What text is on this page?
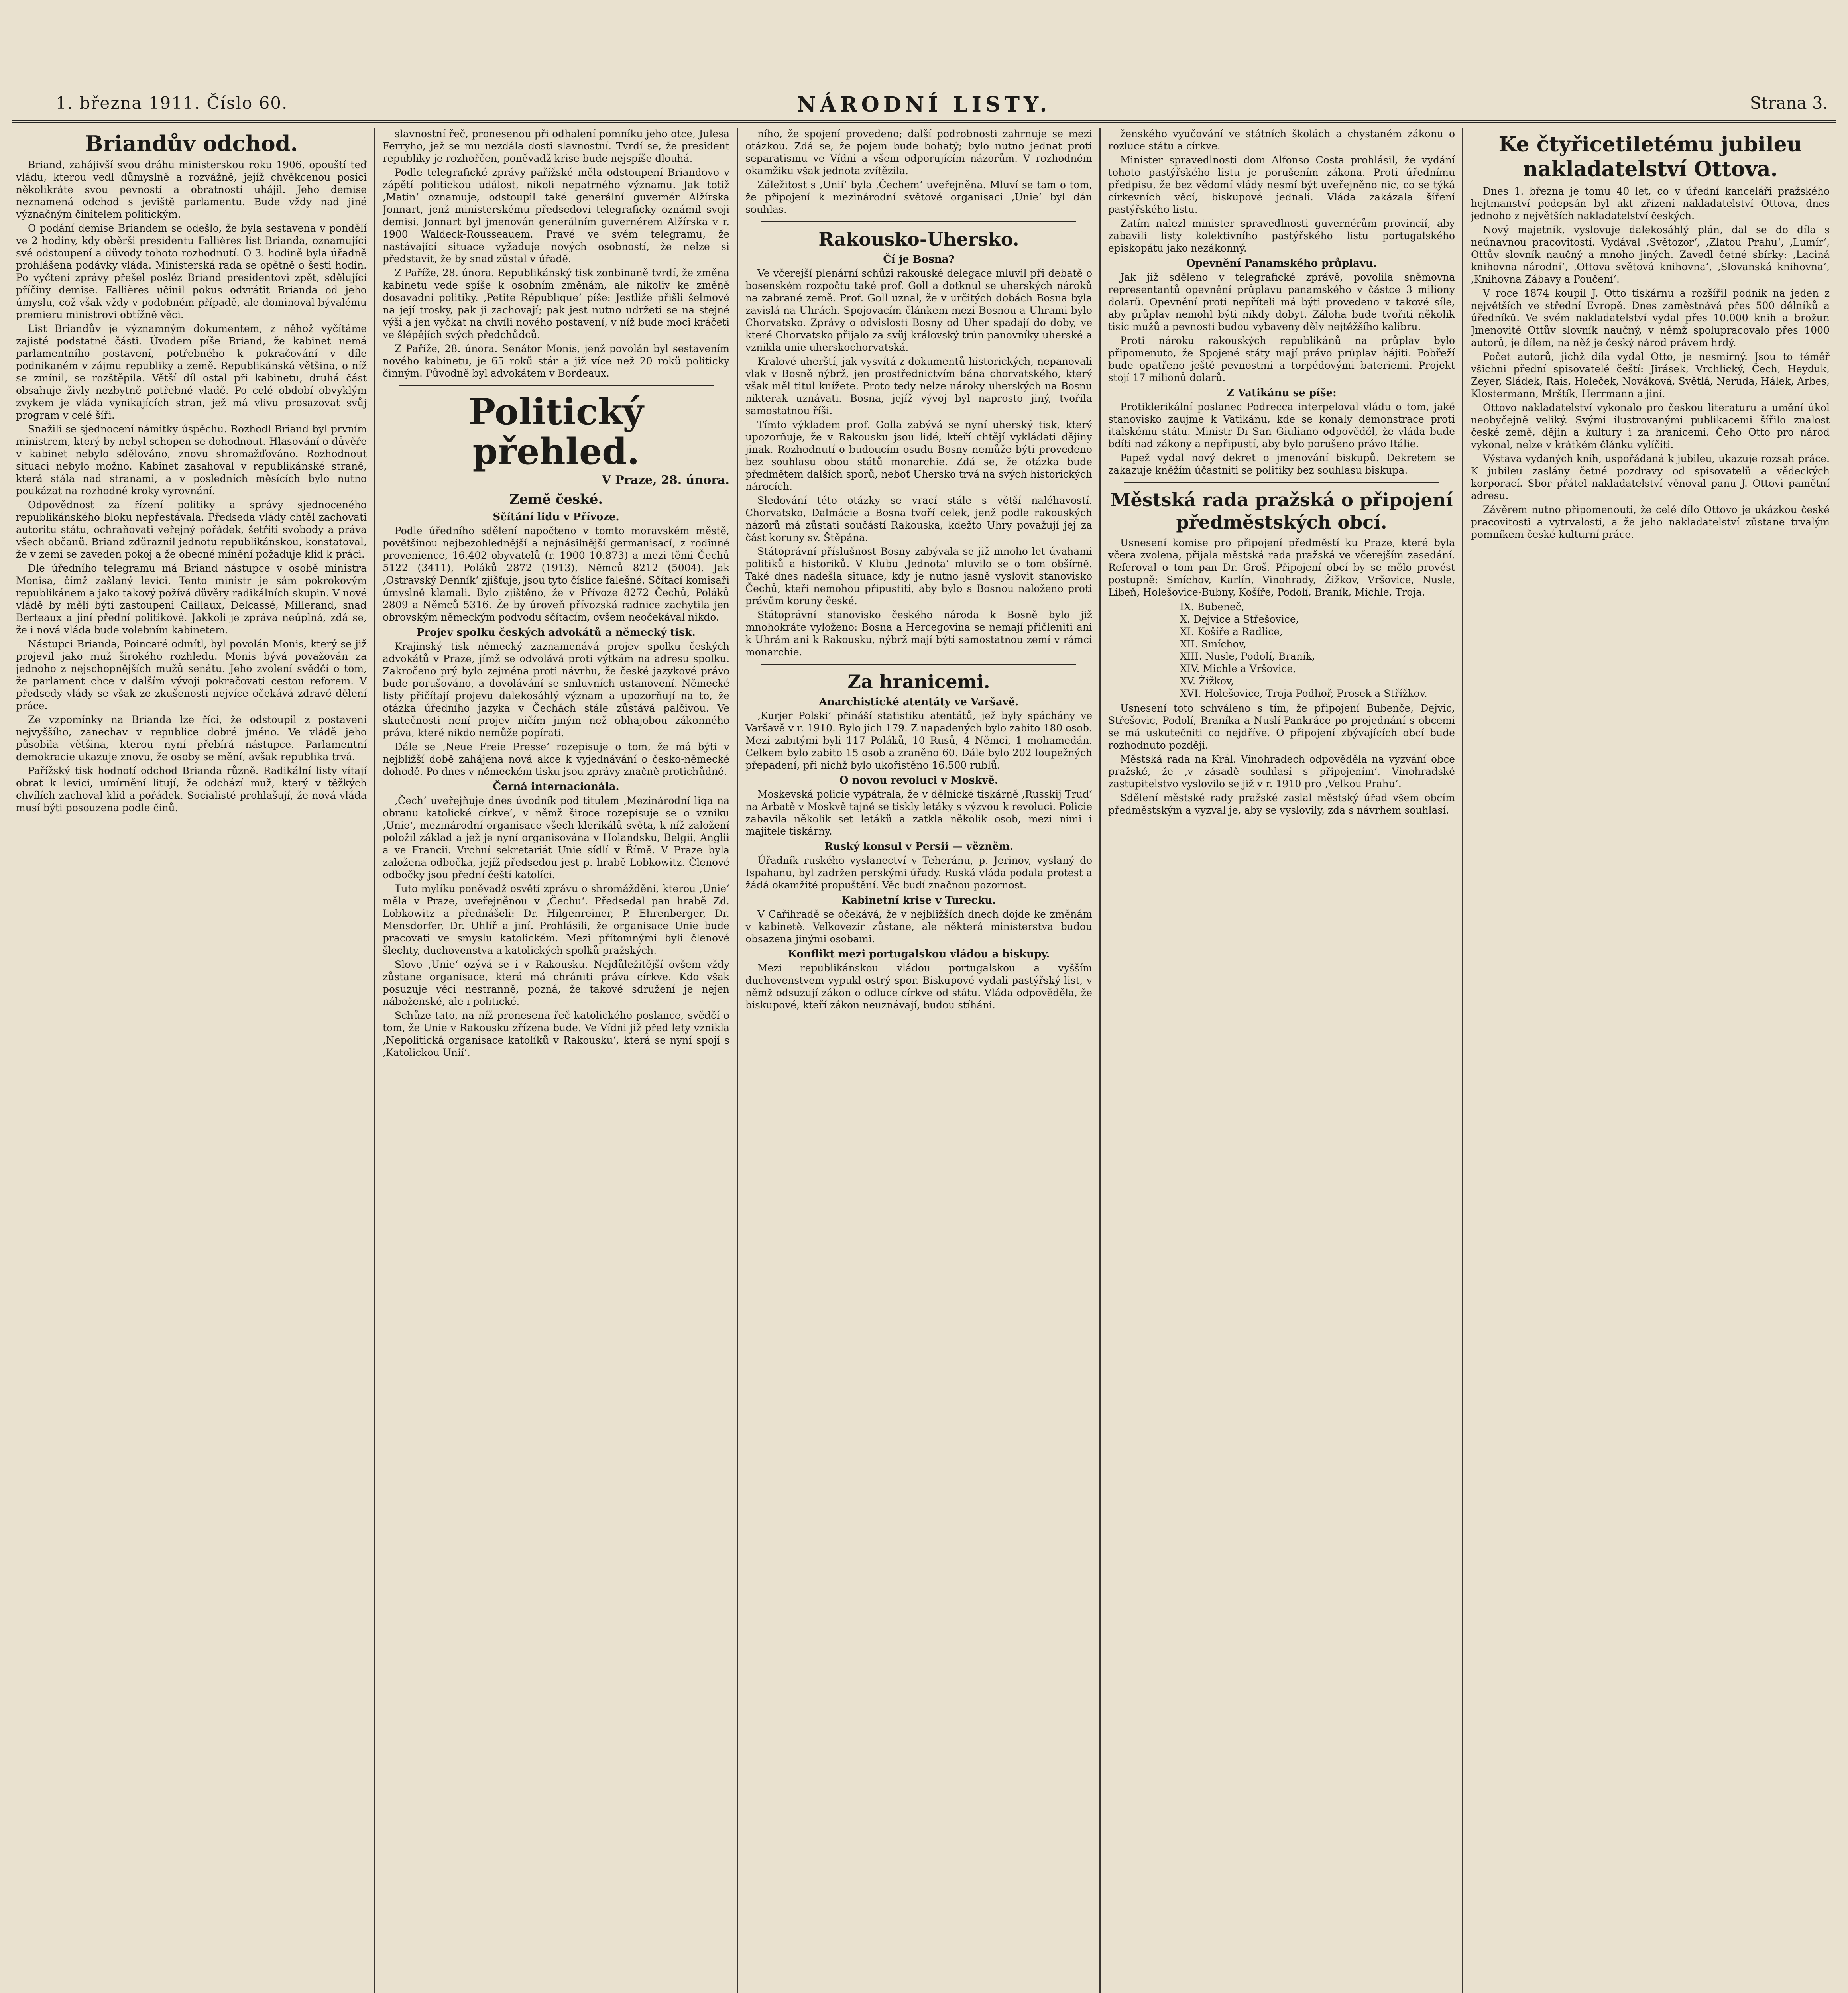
1. března 1911. Číslo 60.	NÁRODNÍ LISTY.	Strana 3.
Briandův odchod.

Briand, zahájivší svou dráhu ministerskou roku 1906, opouští teď vládu, kterou vedl důmyslně a rozvážně, jejíž chvěkcenou posici několikráte svou pevností a obratností uhájil. Jeho demise neznamená odchod s jeviště parlamentu. Bude vždy nad jiné význačným činitelem politickým.

O podání demise Briandem se odešlo, že byla sestavena v pondělí ve 2 hodiny, kdy oběrši presidentu Fallières list Brianda, oznamující své odstoupení a důvody tohoto rozhodnutí. O 3. hodině byla úřadně prohlášena podávky vláda. Ministerská rada se opětně o šesti hodin. Po vyčtení zprávy přešel posléz Briand presidentovi zpět, sdělující příčiny demise. Fallières učinil pokus odvrátit Brianda od jeho úmyslu, což však vždy v podobném případě, ale dominoval bývalému premieru ministrovi obtížně věci.

List Briandův je významným dokumentem, z něhož vyčítáme zajisté podstatné části. Úvodem píše Briand, že kabinet nemá parlamentního postavení, potřebného k pokračování v díle podnikaném v zájmu republiky a země. Republikánská většina, o níž se zmínil, se rozštěpila. Větší díl ostal při kabinetu, druhá část obsahuje živly nezbytně potřebné vladě. Po celé období obvyklým zvykem je vláda vynikajících stran, jež má vlivu prosazovat svůj program v celé šíři.

Snažili se sjednocení námitky úspěchu. Rozhodl Briand byl prvním ministrem, který by nebyl schopen se dohodnout. Hlasování o důvěře v kabinet nebylo sdělováno, znovu shromažďováno. Rozhodnout situaci nebylo možno. Kabinet zasahoval v republikánské straně, která stála nad stranami, a v posledních měsících bylo nutno poukázat na rozhodné kroky vyrovnání.

Odpovědnost za řízení politiky a správy sjednoceného republikánského bloku nepřestávala. Předseda vlády chtěl zachovati autoritu státu, ochraňovati veřejný pořádek, šetřiti svobody a práva všech občanů. Briand zdůraznil jednotu republikánskou, konstatoval, že v zemi se zaveden pokoj a že obecné mínění požaduje klid k práci.

Dle úředního telegramu má Briand nástupce v osobě ministra Monisa, čímž zašlaný levici. Tento ministr je sám pokrokovým republikánem a jako takový požívá důvěry radikálních skupin. V nové vládě by měli býti zastoupeni Caillaux, Delcassé, Millerand, snad Berteaux a jiní přední politikové. Jakkoli je zpráva neúplná, zdá se, že i nová vláda bude volebním kabinetem.

Nástupci Brianda, Poincaré odmítl, byl povolán Monis, který se již projevil jako muž širokého rozhledu. Monis bývá považován za jednoho z nejschopnějších mužů senátu. Jeho zvolení svědčí o tom, že parlament chce v dalším vývoji pokračovati cestou reforem. V předsedy vlády se však ze zkušenosti nejvíce očekává zdravé dělení práce.

Ze vzpomínky na Brianda lze říci, že odstoupil z postavení nejvyššího, zanechav v republice dobré jméno. Ve vládě jeho působila většina, kterou nyní přebírá nástupce. Parlamentní demokracie ukazuje znovu, že osoby se mění, avšak republika trvá.

Pařížský tisk hodnotí odchod Brianda různě. Radikální listy vítají obrat k levici, umírnění litují, že odchází muž, který v těžkých chvílích zachoval klid a pořádek. Socialisté prohlašují, že nová vláda musí býti posouzena podle činů.

slavnostní řeč, pronesenou při odhalení pomníku jeho otce, Julesa Ferryho, jež se mu nezdála dosti slavnostní. Tvrdí se, že president republiky je rozhořčen, poněvadž krise bude nejspíše dlouhá.

Podle telegrafické zprávy pařížské měla odstoupení Briandovo v zápětí politickou událost, nikoli nepatrného významu. Jak totiž ‚Matin‘ oznamuje, odstoupil také generální guvernér Alžírska Jonnart, jenž ministerskému předsedovi telegraficky oznámil svoji demisi. Jonnart byl jmenován generálním guvernérem Alžírska v r. 1900 Waldeck-Rousseauem. Pravé ve svém telegramu, že nastávající situace vyžaduje nových osobností, že nelze si představit, že by snad zůstal v úřadě.

Z Paříže, 28. února. Republikánský tisk zonbinaně tvrdí, že změna kabinetu vede spíše k osobním změnám, ale nikoliv ke změně dosavadní politiky. ‚Petite République‘ píše: Jestliže přišli šelmové na její trosky, pak ji zachovají; pak jest nutno udržeti se na stejné výši a jen vyčkat na chvíli nového postavení, v níž bude moci kráčeti ve šlépějích svých předchůdců.

Z Paříže, 28. února. Senátor Monis, jenž povolán byl sestavením nového kabinetu, je 65 roků stár a již více než 20 roků politicky činným. Původně byl advokátem v Bordeaux.

Politický přehled.
V Praze, 28. února.
Země české.
Sčítání lidu v Přívoze.

Podle úředního sdělení napočteno v tomto moravském městě, povětšinou nejbezohlednější a nejnásilnější germanisací, z rodinné provenience, 16.402 obyvatelů (r. 1900 10.873) a mezi těmi Čechů 5122 (3411), Poláků 2872 (1913), Němců 8212 (5004). Jak ‚Ostravský Denník‘ zjišťuje, jsou tyto číslice falešné. Sčítací komisaři úmyslně klamali. Bylo zjištěno, že v Přívoze 8272 Čechů, Poláků 2809 a Němců 5316. Že by úroveň přívozská radnice zachytila jen obrovským německým podvodu sčítacím, ovšem neočekával nikdo.

Projev spolku českých advokátů a německý tisk.

Krajinský tisk německý zaznamenává projev spolku českých advokátů v Praze, jímž se odvolává proti výtkám na adresu spolku. Zakročeno prý bylo zejména proti návrhu, že české jazykové právo bude porušováno, a dovolávání se smluvních ustanovení. Německé listy přičítají projevu dalekosáhlý význam a upozorňují na to, že otázka úředního jazyka v Čechách stále zůstává palčivou. Ve skutečnosti není projev ničím jiným než obhajobou zákonného práva, které nikdo nemůže popírati.

Dále se ‚Neue Freie Presse‘ rozepisuje o tom, že má býti v nejbližší době zahájena nová akce k vyjednávání o česko-německé dohodě. Po dnes v německém tisku jsou zprávy značně protichůdné.

Černá internacionála.

‚Čech‘ uveřejňuje dnes úvodník pod titulem ‚Mezinárodní liga na obranu katolické církve‘, v němž široce rozepisuje se o vzniku ‚Unie‘, mezinárodní organisace všech klerikálů světa, k níž založení položil základ a jež je nyní organisována v Holandsku, Belgii, Anglii a ve Francii. Vrchní sekretariát Unie sídlí v Římě. V Praze byla založena odbočka, jejíž předsedou jest p. hrabě Lobkowitz. Členové odbočky jsou přední čeští katolíci.

Tuto mylíku poněvadž osvětí zprávu o shromáždění, kterou ‚Unie‘ měla v Praze, uveřejněnou v ‚Čechu‘. Předsedal pan hrabě Zd. Lobkowitz a přednášeli: Dr. Hilgenreiner, P. Ehrenberger, Dr. Mensdorfer, Dr. Uhlíř a jiní. Prohlásili, že organisace Unie bude pracovati ve smyslu katolickém. Mezi přítomnými byli členové šlechty, duchovenstva a katolických spolků pražských.

Slovo ‚Unie‘ ozývá se i v Rakousku. Nejdůležitější ovšem vždy zůstane organisace, která má chrániti práva církve. Kdo však posuzuje věci nestranně, pozná, že takové sdružení je nejen náboženské, ale i politické.

Schůze tato, na níž pronesena řeč katolického poslance, svědčí o tom, že Unie v Rakousku zřízena bude. Ve Vídni již před lety vznikla ‚Nepolitická organisace katolíků v Rakousku‘, která se nyní spojí s ‚Katolickou Unií‘.

ního, že spojení provedeno; další podrobnosti zahrnuje se mezi otázkou. Zdá se, že pojem bude bohatý; bylo nutno jednat proti separatismu ve Vídni a všem odporujícím názorům. V rozhodném okamžiku však jednota zvítězila.

Záležitost s ‚Unií‘ byla ‚Čechem‘ uveřejněna. Mluví se tam o tom, že připojení k mezinárodní světové organisaci ‚Unie‘ byl dán souhlas.

Rakousko-Uhersko.
Čí je Bosna?

Ve včerejší plenární schůzi rakouské delegace mluvil při debatě o bosenském rozpočtu také prof. Goll a dotknul se uherských nároků na zabrané země. Prof. Goll uznal, že v určitých dobách Bosna byla zavislá na Uhrách. Spojovacím článkem mezi Bosnou a Uhrami bylo Chorvatsko. Zprávy o odvislosti Bosny od Uher spadají do doby, ve které Chorvatsko přijalo za svůj královský trůn panovníky uherské a vznikla unie uherskochorvatská.

Kralové uherští, jak vysvítá z dokumentů historických, nepanovali vlak v Bosně nýbrž, jen prostřednictvím bána chorvatského, který však měl titul knížete. Proto tedy nelze nároky uherských na Bosnu nikterak uznávati. Bosna, jejíž vývoj byl naprosto jiný, tvořila samostatnou říši.

Tímto výkladem prof. Golla zabývá se nyní uherský tisk, který upozorňuje, že v Rakousku jsou lidé, kteří chtějí vykládati dějiny jinak. Rozhodnutí o budoucím osudu Bosny nemůže býti provedeno bez souhlasu obou států monarchie. Zdá se, že otázka bude předmětem dalších sporů, neboť Uhersko trvá na svých historických nárocích.

Sledování této otázky se vrací stále s větší naléhavostí. Chorvatsko, Dalmácie a Bosna tvoří celek, jenž podle rakouských názorů má zůstati součástí Rakouska, kdežto Uhry považují jej za část koruny sv. Štěpána.

Státoprávní příslušnost Bosny zabývala se již mnoho let úvahami politiků a historiků. V Klubu ‚Jednota‘ mluvilo se o tom obšírně. Také dnes nadešla situace, kdy je nutno jasně vyslovit stanovisko Čechů, kteří nemohou připustiti, aby bylo s Bosnou naloženo proti právům koruny české.

Státoprávní stanovisko českého národa k Bosně bylo již mnohokráte vyloženo: Bosna a Hercegovina se nemají přičleniti ani k Uhrám ani k Rakousku, nýbrž mají býti samostatnou zemí v rámci monarchie.

Za hranicemi.
Anarchistické atentáty ve Varšavě.

‚Kurjer Polski‘ přináší statistiku atentátů, jež byly spáchány ve Varšavě v r. 1910. Bylo jich 179. Z napadených bylo zabito 180 osob. Mezi zabitými byli 117 Poláků, 10 Rusů, 4 Němci, 1 mohamedán. Celkem bylo zabito 15 osob a zraněno 60. Dále bylo 202 loupežných přepadení, při nichž bylo ukořistěno 16.500 rublů.

O novou revoluci v Moskvě.

Moskevská policie vypátrala, že v dělnické tiskárně ‚Russkij Trud‘ na Arbatě v Moskvě tajně se tiskly letáky s výzvou k revoluci. Policie zabavila několik set letáků a zatkla několik osob, mezi nimi i majitele tiskárny.

Ruský konsul v Persii — vězněm.

Úřadník ruského vyslanectví v Teheránu, p. Jerinov, vyslaný do Ispahanu, byl zadržen perskými úřady. Ruská vláda podala protest a žádá okamžité propuštění. Věc budí značnou pozornost.

Kabinetní krise v Turecku.

V Cařihradě se očekává, že v nejbližších dnech dojde ke změnám v kabinetě. Velkovezír zůstane, ale některá ministerstva budou obsazena jinými osobami.

Konflikt mezi portugalskou vládou a biskupy.

Mezi republikánskou vládou portugalskou a vyšším duchovenstvem vypukl ostrý spor. Biskupové vydali pastýřský list, v němž odsuzují zákon o odluce církve od státu. Vláda odpověděla, že biskupové, kteří zákon neuznávají, budou stíháni.

ženského vyučování ve státních školách a chystaném zákonu o rozluce státu a církve.

Minister spravedlnosti dom Alfonso Costa prohlásil, že vydání tohoto pastýřského listu je porušením zákona. Proti úřednímu předpisu, že bez vědomí vlády nesmí být uveřejněno nic, co se týká církevních věcí, biskupové jednali. Vláda zakázala šíření pastýřského listu.

Zatím nalezl minister spravedlnosti guvernérům provincií, aby zabavili listy kolektivního pastýřského listu portugalského episkopátu jako nezákonný.

Opevnění Panamského průplavu.

Jak již sděleno v telegrafické zprávě, povolila sněmovna representantů opevnění průplavu panamského v částce 3 miliony dolarů. Opevnění proti nepříteli má býti provedeno v takové síle, aby průplav nemohl býti nikdy dobyt. Záloha bude tvořiti několik tisíc mužů a pevnosti budou vybaveny děly nejtěžšího kalibru.

Proti nároku rakouských republikánů na průplav bylo připomenuto, že Spojené státy mají právo průplav hájiti. Pobřeží bude opatřeno ještě pevnostmi a torpédovými bateriemi. Projekt stojí 17 milionů dolarů.

Z Vatikánu se píše:

Protiklerikální poslanec Podrecca interpeloval vládu o tom, jaké stanovisko zaujme k Vatikánu, kde se konaly demonstrace proti italskému státu. Ministr Di San Giuliano odpověděl, že vláda bude bdíti nad zákony a nepřipustí, aby bylo porušeno právo Itálie.

Papež vydal nový dekret o jmenování biskupů. Dekretem se zakazuje kněžím účastniti se politiky bez souhlasu biskupa.

Městská rada pražská o připojení předměstských obcí.

Usnesení komise pro připojení předměstí ku Praze, které byla včera zvolena, přijala městská rada pražská ve včerejším zasedání. Referoval o tom pan Dr. Groš. Připojení obcí by se mělo provést postupně: Smíchov, Karlín, Vinohrady, Žižkov, Vršovice, Nusle, Libeň, Holešovice-Bubny, Košíře, Podolí, Braník, Michle, Troja.

IX. Bubeneč,
X. Dejvice a Střešovice,
XI. Košíře a Radlice,
XII. Smíchov,
XIII. Nusle, Podolí, Braník,
XIV. Michle a Vršovice,
XV. Žižkov,
XVI. Holešovice, Troja-Podhoř, Prosek a Střížkov.

Usnesení toto schváleno s tím, že připojení Bubenče, Dejvic, Střešovic, Podolí, Braníka a Nuslí-Pankráce po projednání s obcemi se má uskutečniti co nejdříve. O připojení zbývajících obcí bude rozhodnuto později.

Městská rada na Král. Vinohradech odpověděla na vyzvání obce pražské, že ‚v zásadě souhlasí s připojením‘. Vinohradské zastupitelstvo vyslovilo se již v r. 1910 pro ‚Velkou Prahu‘.

Sdělení městské rady pražské zaslal městský úřad všem obcím předměstským a vyzval je, aby se vyslovily, zda s návrhem souhlasí.

Ke čtyřicetiletému jubileu nakladatelství Ottova.

Dnes 1. března je tomu 40 let, co v úřední kanceláři pražského hejtmanství podepsán byl akt zřízení nakladatelství Ottova, dnes jednoho z největších nakladatelství českých.

Nový majetník, vyslovuje dalekosáhlý plán, dal se do díla s neúnavnou pracovitostí. Vydával ‚Světozor‘, ‚Zlatou Prahu‘, ‚Lumír‘, Ottův slovník naučný a mnoho jiných. Zavedl četné sbírky: ‚Laciná knihovna národní‘, ‚Ottova světová knihovna‘, ‚Slovanská knihovna‘, ‚Knihovna Zábavy a Poučení‘.

V roce 1874 koupil J. Otto tiskárnu a rozšířil podnik na jeden z největších ve střední Evropě. Dnes zaměstnává přes 500 dělníků a úředníků. Ve svém nakladatelství vydal přes 10.000 knih a brožur. Jmenovitě Ottův slovník naučný, v němž spolupracovalo přes 1000 autorů, je dílem, na něž je český národ právem hrdý.

Počet autorů, jichž díla vydal Otto, je nesmírný. Jsou to téměř všichni přední spisovatelé čeští: Jirásek, Vrchlický, Čech, Heyduk, Zeyer, Sládek, Rais, Holeček, Nováková, Světlá, Neruda, Hálek, Arbes, Klostermann, Mrštík, Herrmann a jiní.

Ottovo nakladatelství vykonalo pro českou literaturu a umění úkol neobyčejně veliký. Svými ilustrovanými publikacemi šířilo znalost české země, dějin a kultury i za hranicemi. Čeho Otto pro národ vykonal, nelze v krátkém článku vylíčiti.

Výstava vydaných knih, uspořádaná k jubileu, ukazuje rozsah práce. K jubileu zaslány četné pozdravy od spisovatelů a vědeckých korporací. Sbor přátel nakladatelství věnoval panu J. Ottovi pamětní adresu.

Závěrem nutno připomenouti, že celé dílo Ottovo je ukázkou české pracovitosti a vytrvalosti, a že jeho nakladatelství zůstane trvalým pomníkem české kulturní práce.
